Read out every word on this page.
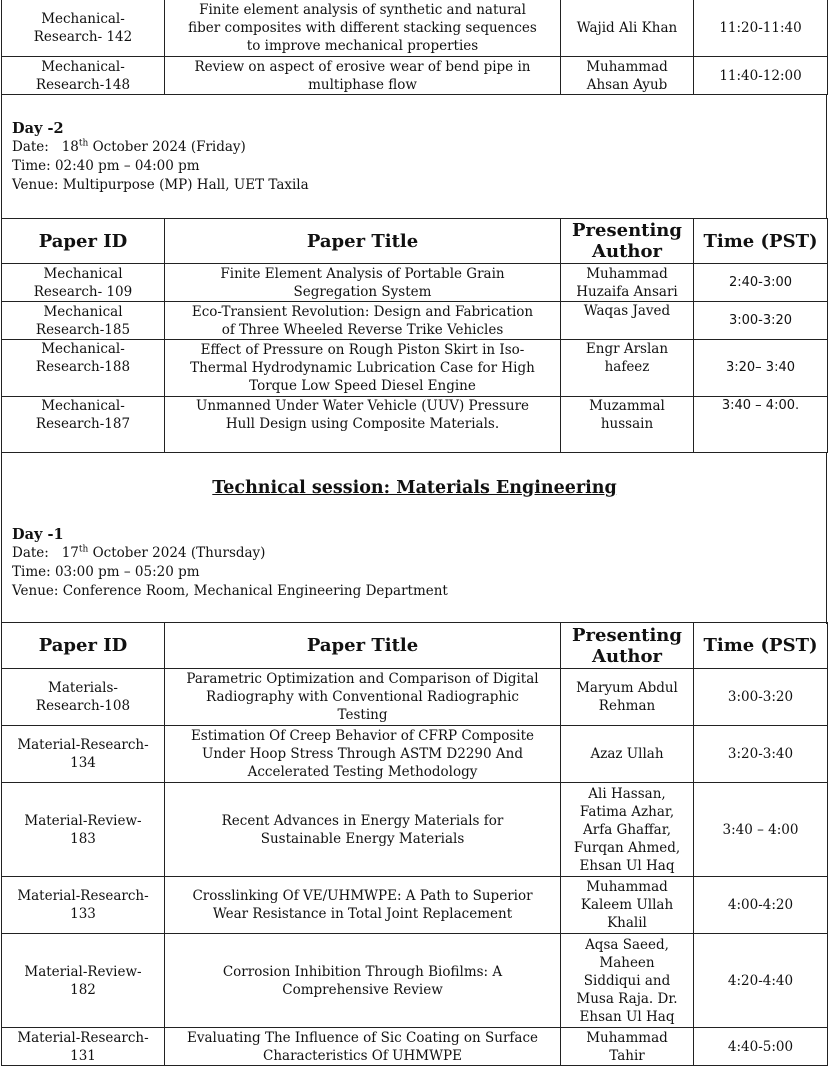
Mechanical-
Research- 142	Finite element analysis of synthetic and natural
fiber composites with different stacking sequences
to improve mechanical properties	Wajid Ali Khan	11:20-11:40
Mechanical-
Research-148	Review on aspect of erosive wear of bend pipe in
multiphase flow	Muhammad
Ahsan Ayub	11:40-12:00
Day -2
Date: 18th October 2024 (Friday)
Time: 02:40 pm – 04:00 pm
Venue: Multipurpose (MP) Hall, UET Taxila
Paper ID	Paper Title	Presenting
Author	Time (PST)
Mechanical
Research- 109	Finite Element Analysis of Portable Grain
Segregation System	Muhammad
Huzaifa Ansari	2:40-3:00
Mechanical
Research-185	Eco-Transient Revolution: Design and Fabrication
of Three Wheeled Reverse Trike Vehicles	Waqas Javed	3:00-3:20
Mechanical-
Research-188	Effect of Pressure on Rough Piston Skirt in Iso-
Thermal Hydrodynamic Lubrication Case for High
Torque Low Speed Diesel Engine	Engr Arslan
hafeez	3:20– 3:40
Mechanical-
Research-187	Unmanned Under Water Vehicle (UUV) Pressure
Hull Design using Composite Materials.	Muzammal
hussain	3:40 – 4:00.
Technical session: Materials Engineering
Day -1
Date: 17th October 2024 (Thursday)
Time: 03:00 pm – 05:20 pm
Venue: Conference Room, Mechanical Engineering Department
Paper ID	Paper Title	Presenting
Author	Time (PST)
Materials-
Research-108	Parametric Optimization and Comparison of Digital
Radiography with Conventional Radiographic
Testing	Maryum Abdul
Rehman	3:00-3:20
Material-Research-
134	Estimation Of Creep Behavior of CFRP Composite
Under Hoop Stress Through ASTM D2290 And
Accelerated Testing Methodology	Azaz Ullah	3:20-3:40
Material-Review-
183	Recent Advances in Energy Materials for
Sustainable Energy Materials	Ali Hassan,
Fatima Azhar,
Arfa Ghaffar,
Furqan Ahmed,
Ehsan Ul Haq	3:40 – 4:00
Material-Research-
133	Crosslinking Of VE/UHMWPE: A Path to Superior
Wear Resistance in Total Joint Replacement	Muhammad
Kaleem Ullah
Khalil	4:00-4:20
Material-Review-
182	Corrosion Inhibition Through Biofilms: A
Comprehensive Review	Aqsa Saeed,
Maheen
Siddiqui and
Musa Raja. Dr.
Ehsan Ul Haq	4:20-4:40
Material-Research-
131	Evaluating The Influence of Sic Coating on Surface
Characteristics Of UHMWPE	Muhammad
Tahir	4:40-5:00
